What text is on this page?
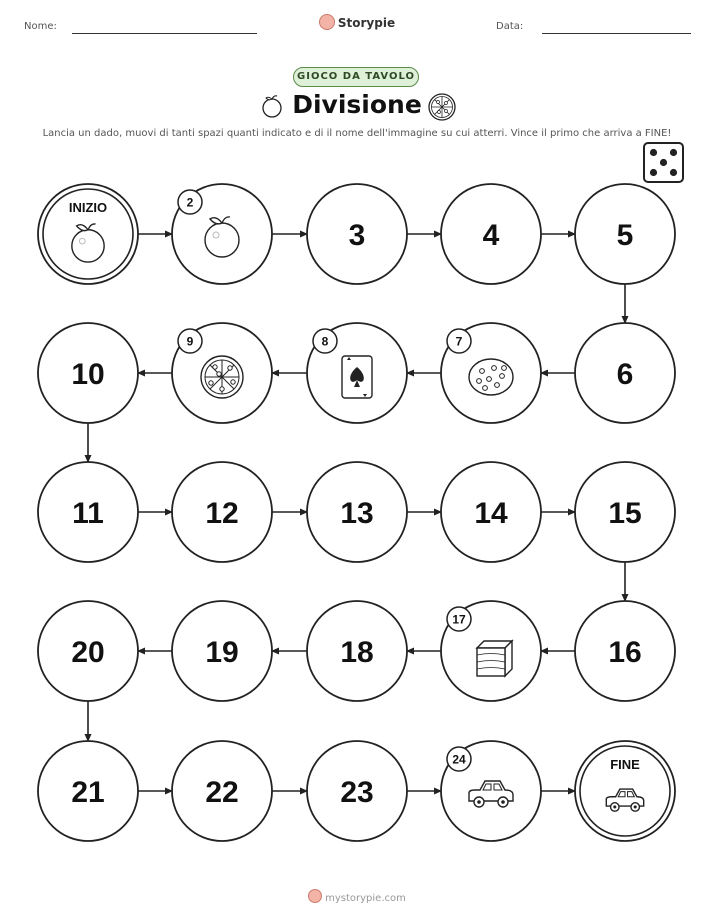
Nome:	Storypie	Data:
GIOCO DA TAVOLO
Divisione
Lancia un dado, muovi di tanti spazi quanti indicato e di il nome dell'immagine su cui atterri. Vince il primo che arriva a FINE!
INIZIO	2
3	4	5
6
7
8
9
10
11	12	13	14	15
16
17
18
19
20
21	22	23
24	FINE
mystorypie.com
